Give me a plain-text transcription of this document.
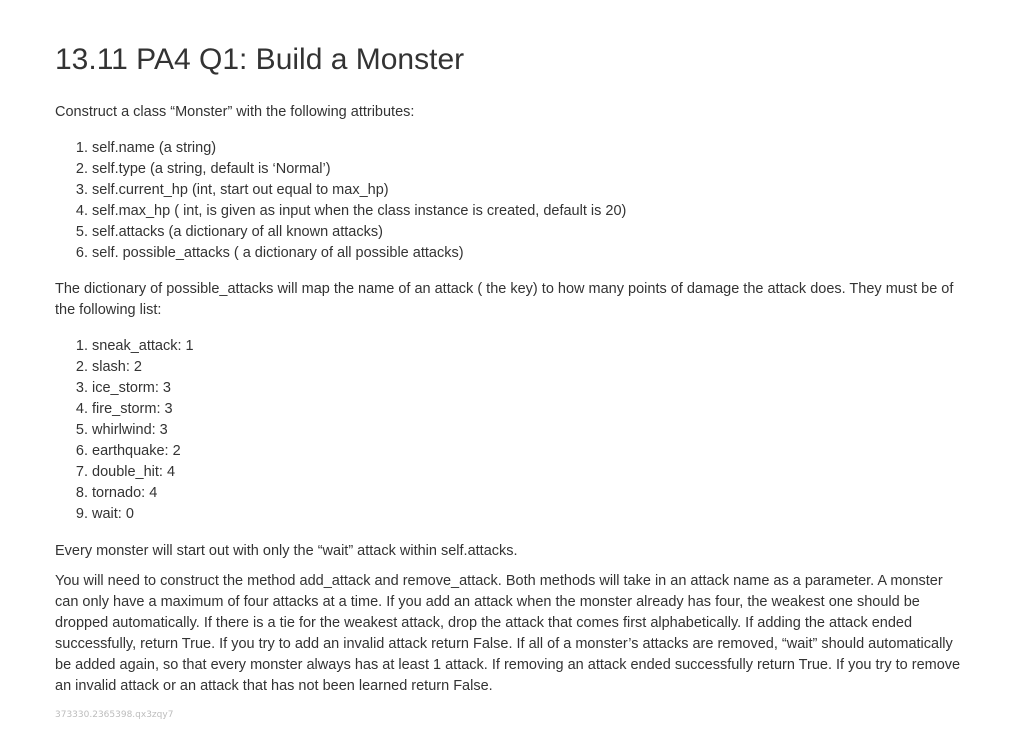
13.11 PA4 Q1: Build a Monster

Construct a class “Monster” with the following attributes:

1. self.name (a string)
2. self.type (a string, default is ‘Normal’)
3. self.current_hp (int, start out equal to max_hp)
4. self.max_hp ( int, is given as input when the class instance is created, default is 20)
5. self.attacks (a dictionary of all known attacks)
6. self. possible_attacks ( a dictionary of all possible attacks)

The dictionary of possible_attacks will map the name of an attack ( the key) to how many points of damage the attack does. They must be of the following list:

1. sneak_attack: 1
2. slash: 2
3. ice_storm: 3
4. fire_storm: 3
5. whirlwind: 3
6. earthquake: 2
7. double_hit: 4
8. tornado: 4
9. wait: 0

Every monster will start out with only the “wait” attack within self.attacks.

You will need to construct the method add_attack and remove_attack. Both methods will take in an attack name as a parameter. A monster can only have a maximum of four attacks at a time. If you add an attack when the monster already has four, the weakest one should be dropped automatically. If there is a tie for the weakest attack, drop the attack that comes first alphabetically. If adding the attack ended successfully, return True. If you try to add an invalid attack return False. If all of a monster’s attacks are removed, “wait” should automatically be added again, so that every monster always has at least 1 attack. If removing an attack ended successfully return True. If you try to remove an invalid attack or an attack that has not been learned return False.

373330.2365398.qx3zqy7
